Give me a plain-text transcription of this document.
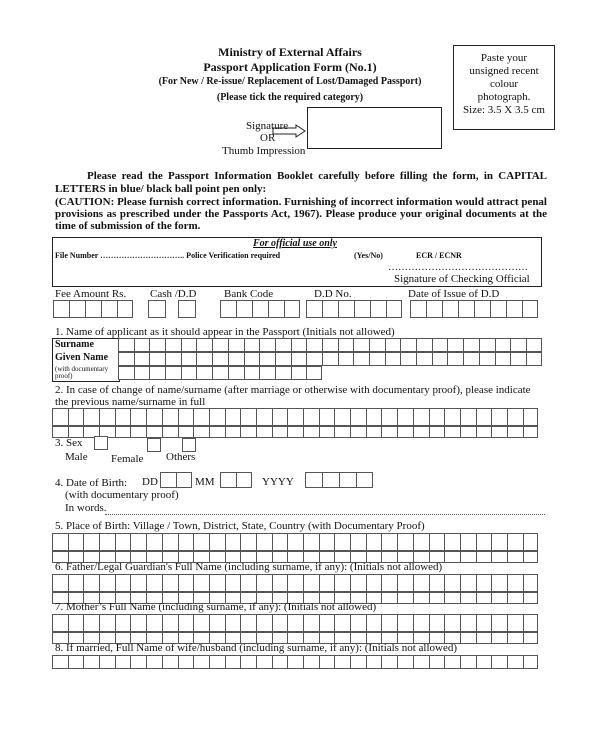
Ministry of External Affairs
Passport Application Form (No.1)
(For New / Re-issue/ Replacement of Lost/Damaged Passport)
(Please tick the required category)
Paste your
unsigned recent
colour
photograph.
Size: 3.5 X 3.5 cm
Signature
OR
Thumb Impression
Please read the Passport Information Booklet carefully before filling the form, in CAPITAL LETTERS in blue/ black ball point pen only:
(CAUTION: Please furnish correct information. Furnishing of incorrect information would attract penal provisions as prescribed under the Passports Act, 1967). Please produce your original documents at the time of submission of the form.
For official use only
File Number ………………………….. Police Verification required	(Yes/No)	ECR / ECNR
……………………………………
Signature of Checking Official
Fee Amount Rs. Cash /D.D	Bank Code	D.D No.	Date of Issue of D.D
1. Name of applicant as it should appear in the Passport (Initials not allowed)
Surname
Given Name
(with documentary
proof)
2. In case of change of name/surname (after marriage or otherwise with documentary proof), please indicate
the previous name/surname in full
3. Sex
Male Female Others
4. Date of Birth: DD	MM	YYYY
(with documentary proof)
In words.
5. Place of Birth: Village / Town, District, State, Country (with Documentary Proof)
6. Father/Legal Guardian's Full Name (including surname, if any): (Initials not allowed)
7. Mother’s Full Name (including surname, if any): (Initials not allowed)
8. If married, Full Name of wife/husband (including surname, if any): (Initials not allowed)
